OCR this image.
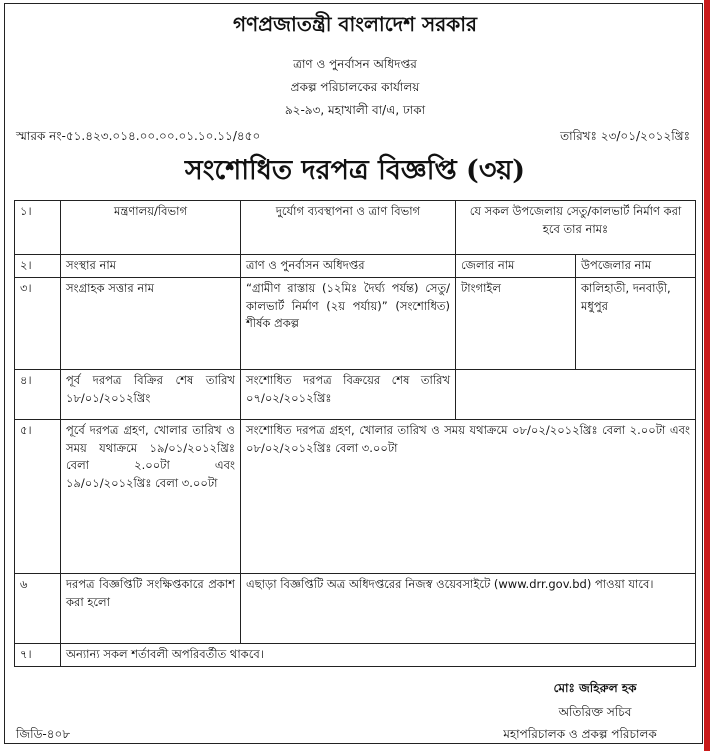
গণপ্রজাতন্ত্রী বাংলাদেশ সরকার
ত্রাণ ও পুনর্বাসন অধিদপ্তর
প্রকল্প পরিচালকের কার্যালয়
৯২-৯৩, মহাখালী বা/এ, ঢাকা
স্মারক নং-৫১.৪২৩.০১৪.০০.০০.০১.১০.১১/৪৫০	তারিখঃ ২৩/০১/২০১২খ্রিঃ
সংশোধিত দরপত্র বিজ্ঞপ্তি (৩য়)
১।	মন্ত্রণালয়/বিভাগ	দুর্যোগ ব্যবস্থাপনা ও ত্রাণ বিভাগ	যে সকল উপজেলায় সেতু/কালভার্ট নির্মাণ করা হবে তার নামঃ	
২।	সংস্থার নাম	ত্রাণ ও পুনর্বাসন অধিদপ্তর	জেলার নাম	উপজেলার নাম
৩।	সংগ্রাহক সত্তার নাম	“গ্রামীণ রাস্তায় (১২মিঃ দৈর্ঘ্য পর্যন্ত) সেতু/কালভার্ট নির্মাণ (২য় পর্যায়)” (সংশোধিত) শীর্ষক প্রকল্প	টাংগাইল	কালিহাতী, দনবাড়ী, মধুপুর
৪।	পূর্ব দরপত্র বিক্রির শেষ তারিখ ১৮/০১/২০১২খ্রিং	সংশোধিত দরপত্র বিক্রয়ের শেষ তারিখ ০৭/০২/২০১২খ্রিঃ		
৫।	পূর্বে দরপত্র গ্রহণ, খোলার তারিখ ও সময় যথাক্রমে ১৯/০১/২০১২খ্রিঃ বেলা ২.০০টা এবং ১৯/০১/২০১২খ্রিঃ বেলা ৩.০০টা	সংশোধিত দরপত্র গ্রহণ, খোলার তারিখ ও সময় যথাক্রমে ০৮/০২/২০১২খ্রিঃ বেলা ২.০০টা এবং ০৮/০২/২০১২খ্রিঃ বেলা ৩.০০টা		
৬	দরপত্র বিজ্ঞপ্তিটি সংক্ষিপ্তকারে প্রকাশ করা হলো	এছাড়া বিজ্ঞপ্তিটি অত্র অধিদপ্তরের নিজস্ব ওয়েবসাইটে (www.drr.gov.bd) পাওয়া যাবে।		
৭।	অন্যান্য সকল শর্তাবলী অপরিবর্তীত থাকবে।			
মোঃ জহিরুল হক
অতিরিক্ত সচিব
মহাপরিচালক ও প্রকল্প পরিচালক
জিডি-৪০৮
